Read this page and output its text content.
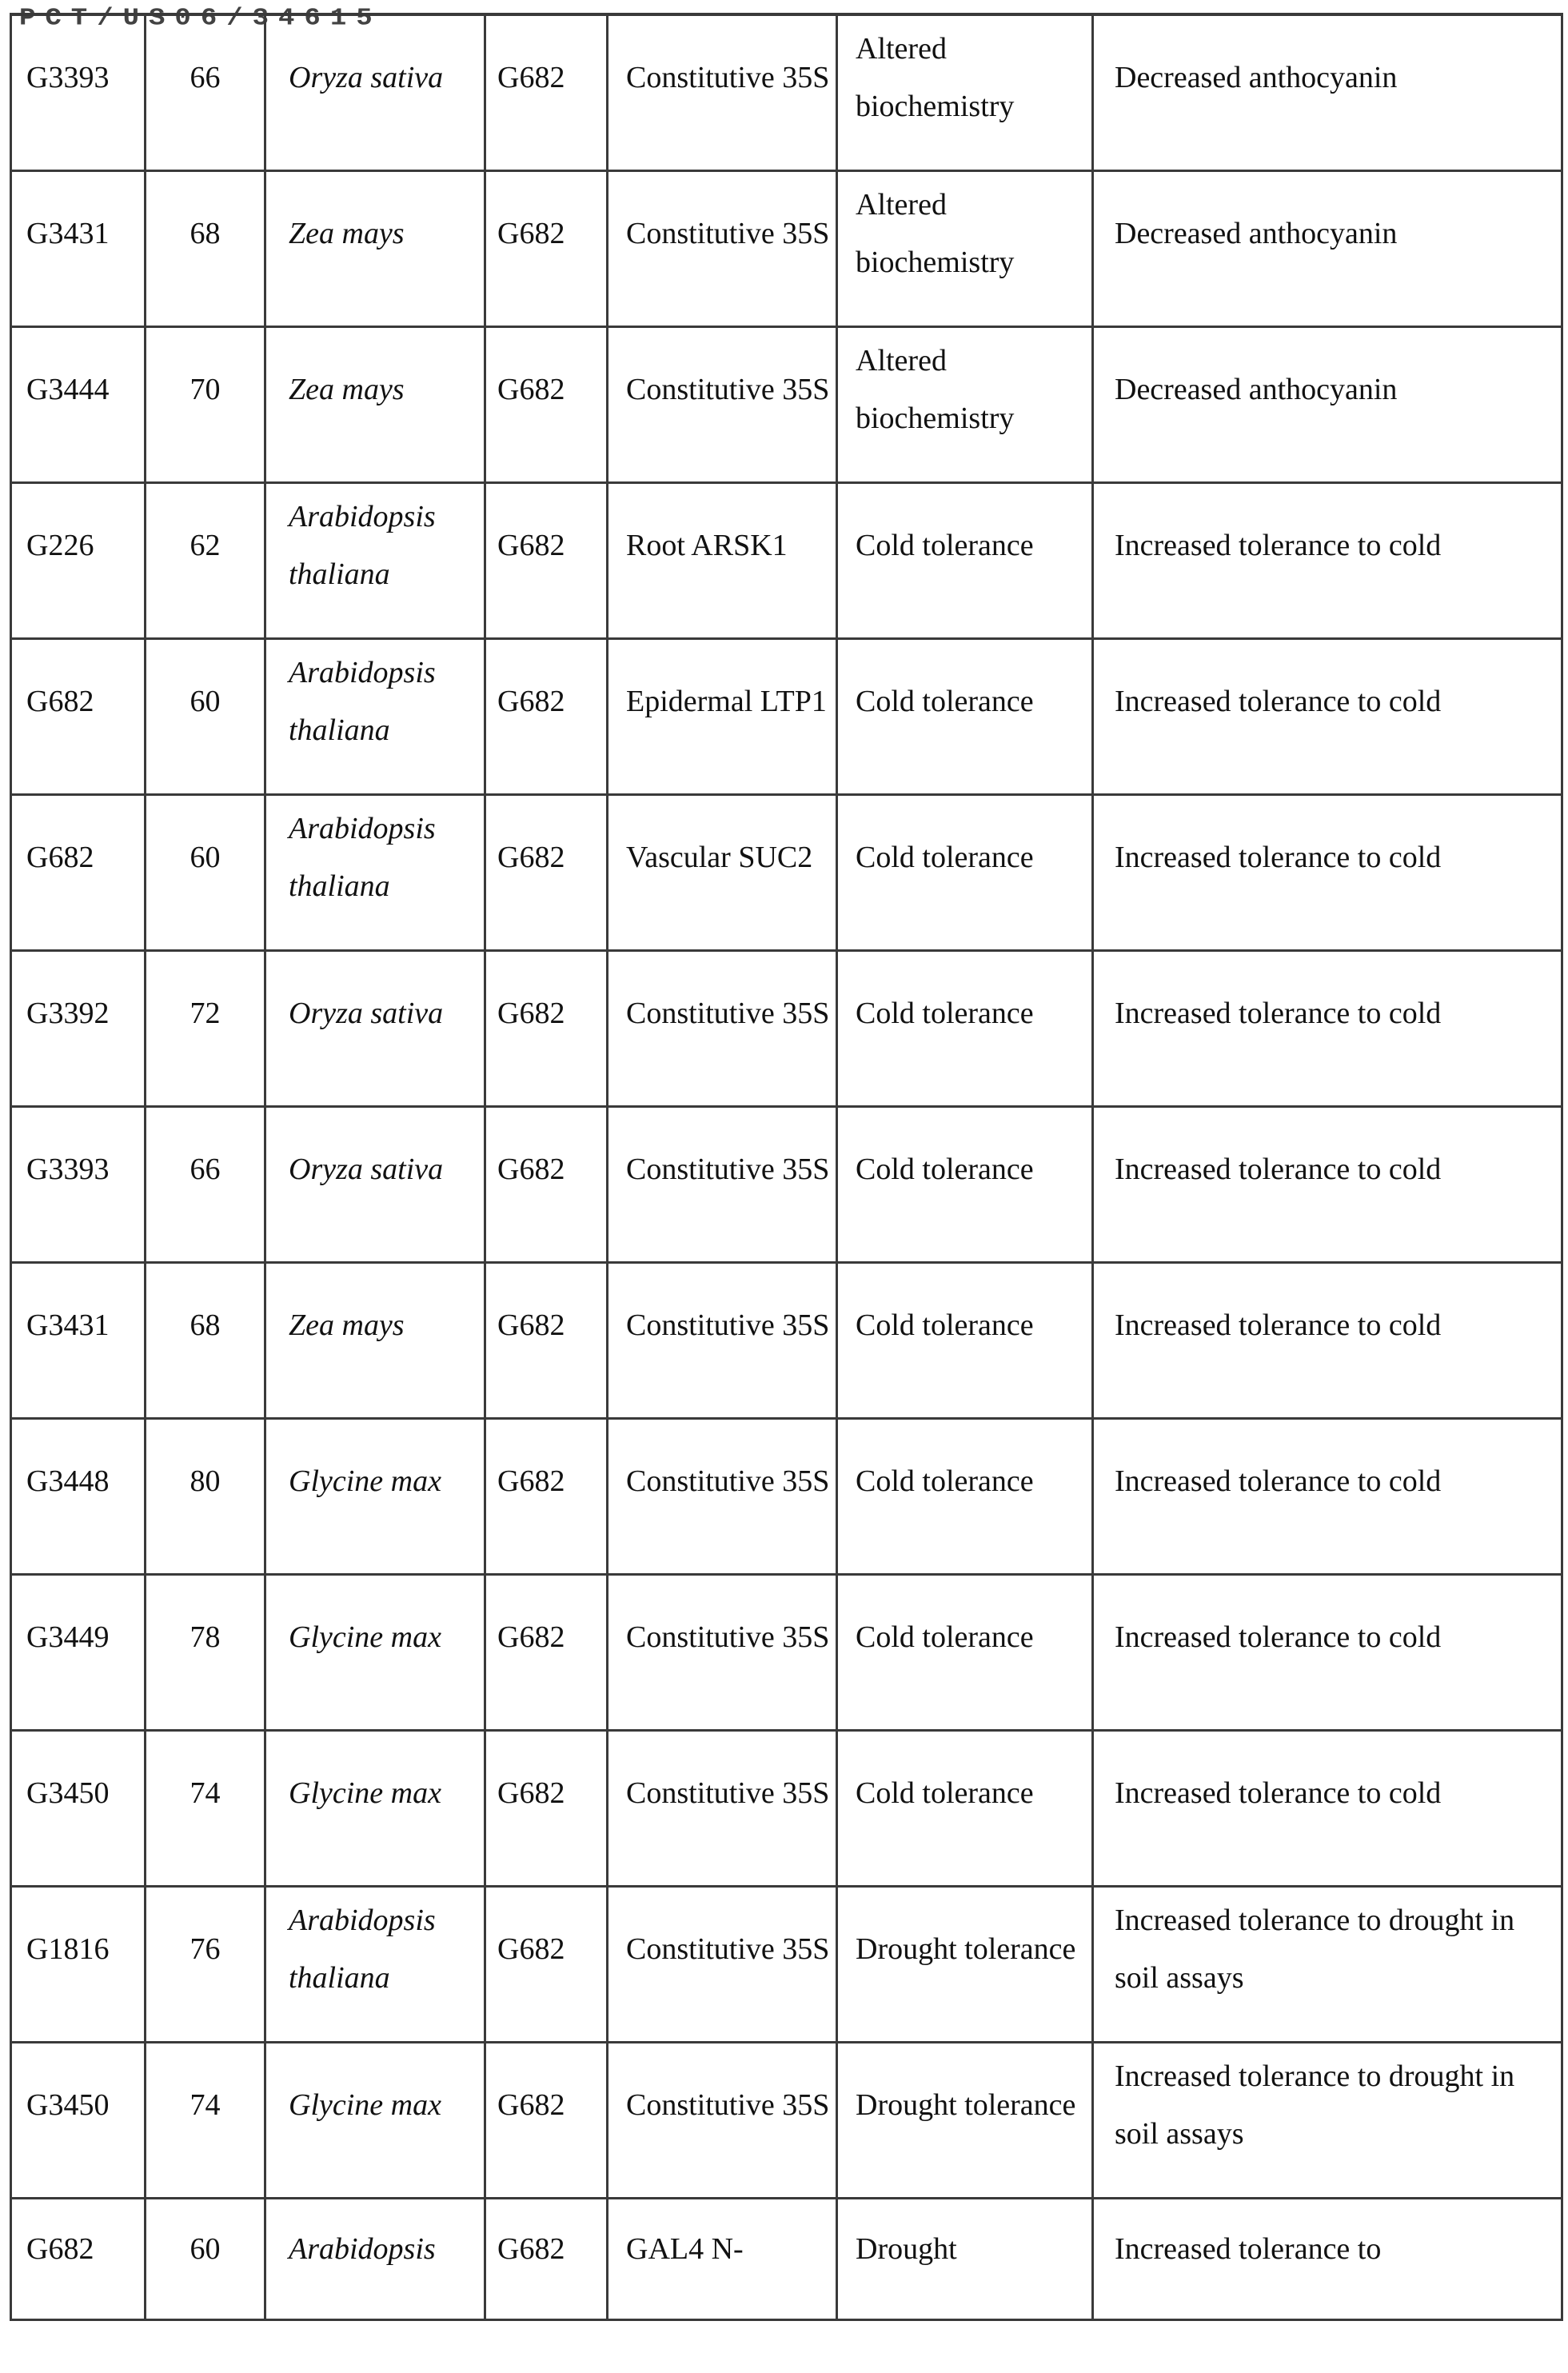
PCT/US06/34615
G3393	66	Oryza sativa	G682	Constitutive 35S	Altered biochemistry	Decreased anthocyanin

G3431	68	Zea mays	G682	Constitutive 35S	Altered biochemistry	Decreased anthocyanin

G3444	70	Zea mays	G682	Constitutive 35S	Altered biochemistry	Decreased anthocyanin

G226	62	Arabidopsis thaliana	G682	Root ARSK1	Cold tolerance	Increased tolerance to cold

G682	60	Arabidopsis thaliana	G682	Epidermal LTP1	Cold tolerance	Increased tolerance to cold

G682	60	Arabidopsis thaliana	G682	Vascular SUC2	Cold tolerance	Increased tolerance to cold

G3392	72	Oryza sativa	G682	Constitutive 35S	Cold tolerance	Increased tolerance to cold

G3393	66	Oryza sativa	G682	Constitutive 35S	Cold tolerance	Increased tolerance to cold

G3431	68	Zea mays	G682	Constitutive 35S	Cold tolerance	Increased tolerance to cold

G3448	80	Glycine max	G682	Constitutive 35S	Cold tolerance	Increased tolerance to cold

G3449	78	Glycine max	G682	Constitutive 35S	Cold tolerance	Increased tolerance to cold

G3450	74	Glycine max	G682	Constitutive 35S	Cold tolerance	Increased tolerance to cold

G1816	76	Arabidopsis thaliana	G682	Constitutive 35S	Drought tolerance	Increased tolerance to drought in soil assays

G3450	74	Glycine max	G682	Constitutive 35S	Drought tolerance	Increased tolerance to drought in soil assays

G682	60	Arabidopsis	G682	GAL4 N-	Drought	Increased tolerance to
